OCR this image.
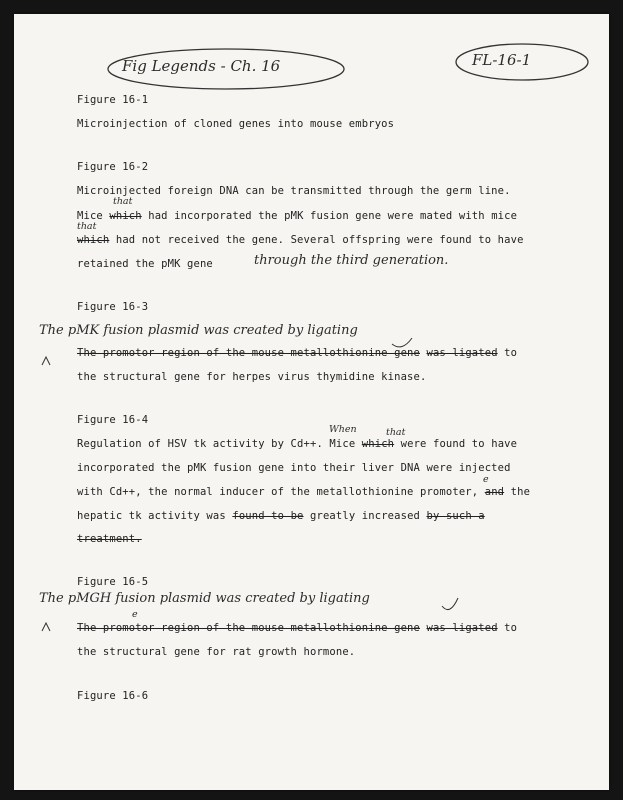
Fig Legends - Ch. 16	FL-16-1
Figure 16-1
Microinjection of cloned genes into mouse embryos
Figure 16-2
Microinjected foreign DNA can be transmitted through the germ line.
that
Mice which had incorporated the pMK fusion gene were mated with mice
that
which had not received the gene. Several offspring were found to have
retained the pMK gene	through the third generation.
Figure 16-3
The pMK fusion plasmid was created by ligating
The promotor region of the mouse metallothionine gene was ligated to
the structural gene for herpes virus thymidine kinase.
Figure 16-4
When	that
Regulation of HSV tk activity by Cd++. Mice which were found to have
incorporated the pMK fusion gene into their liver DNA were injected
e
with Cd++, the normal inducer of the metallothionine promoter, and the
hepatic tk activity was found to be greatly increased by such a
treatment.
Figure 16-5
The pMGH fusion plasmid was created by ligating
e
The promotor region of the mouse metallothionine gene was ligated to
the structural gene for rat growth hormone.
Figure 16-6
